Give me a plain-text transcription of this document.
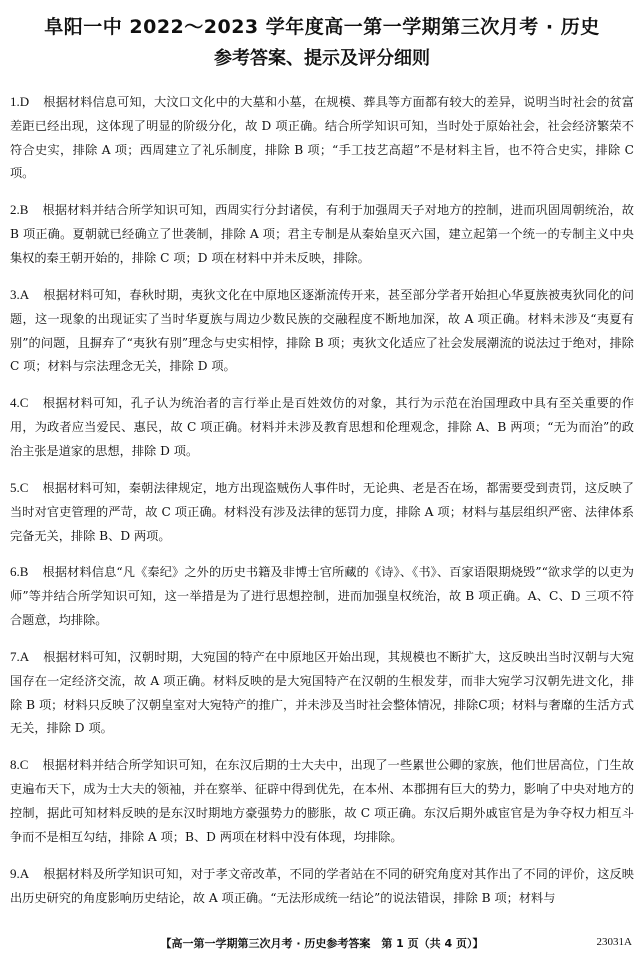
阜阳一中 2022～2023 学年度高一第一学期第三次月考 · 历史
参考答案、提示及评分细则

1.D 根据材料信息可知，大汶口文化中的大墓和小墓，在规模、葬具等方面都有较大的差异，说明当时社会的贫富差距已经出现，这体现了明显的阶级分化，故 D 项正确。结合所学知识可知，当时处于原始社会，社会经济繁荣不符合史实，排除 A 项；西周建立了礼乐制度，排除 B 项；“手工技艺高超”不是材料主旨，也不符合史实，排除 C 项。

2.B 根据材料并结合所学知识可知，西周实行分封诸侯，有利于加强周天子对地方的控制，进而巩固周朝统治，故 B 项正确。夏朝就已经确立了世袭制，排除 A 项；君主专制是从秦始皇灭六国，建立起第一个统一的专制主义中央集权的秦王朝开始的，排除 C 项；D 项在材料中并未反映，排除。

3.A 根据材料可知，春秋时期，夷狄文化在中原地区逐渐流传开来，甚至部分学者开始担心华夏族被夷狄同化的问题，这一现象的出现证实了当时华夏族与周边少数民族的交融程度不断地加深，故 A 项正确。材料未涉及“夷夏有别”的问题，且摒弃了“夷狄有别”理念与史实相悖，排除 B 项；夷狄文化适应了社会发展潮流的说法过于绝对，排除 C 项；材料与宗法理念无关，排除 D 项。

4.C 根据材料可知，孔子认为统治者的言行举止是百姓效仿的对象，其行为示范在治国理政中具有至关重要的作用，为政者应当爱民、惠民，故 C 项正确。材料并未涉及教育思想和伦理观念，排除 A、B 两项；“无为而治”的政治主张是道家的思想，排除 D 项。

5.C 根据材料可知，秦朝法律规定，地方出现盗贼伤人事件时，无论典、老是否在场，都需要受到责罚，这反映了当时对官吏管理的严苛，故 C 项正确。材料没有涉及法律的惩罚力度，排除 A 项；材料与基层组织严密、法律体系完备无关，排除 B、D 两项。

6.B 根据材料信息“凡《秦纪》之外的历史书籍及非博士官所藏的《诗》、《书》、百家语限期烧毁”“欲求学的以吏为师”等并结合所学知识可知，这一举措是为了进行思想控制，进而加强皇权统治，故 B 项正确。A、C、D 三项不符合题意，均排除。

7.A 根据材料可知，汉朝时期，大宛国的特产在中原地区开始出现，其规模也不断扩大，这反映出当时汉朝与大宛国存在一定经济交流，故 A 项正确。材料反映的是大宛国特产在汉朝的生根发芽，而非大宛学习汉朝先进文化，排除 B 项；材料只反映了汉朝皇室对大宛特产的推广，并未涉及当时社会整体情况，排除C项；材料与奢靡的生活方式无关，排除 D 项。

8.C 根据材料并结合所学知识可知，在东汉后期的士大夫中，出现了一些累世公卿的家族，他们世居高位，门生故吏遍布天下，成为士大夫的领袖，并在察举、征辟中得到优先，在本州、本郡拥有巨大的势力，影响了中央对地方的控制，据此可知材料反映的是东汉时期地方豪强势力的膨胀，故 C 项正确。东汉后期外戚宦官是为争夺权力相互斗争而不是相互勾结，排除 A 项；B、D 两项在材料中没有体现，均排除。

9.A 根据材料及所学知识可知，对于孝文帝改革，不同的学者站在不同的研究角度对其作出了不同的评价，这反映出历史研究的角度影响历史结论，故 A 项正确。“无法形成统一结论”的说法错误，排除 B 项；材料与

【高一第一学期第三次月考 · 历史参考答案　第 1 页（共 4 页）】	23031A
